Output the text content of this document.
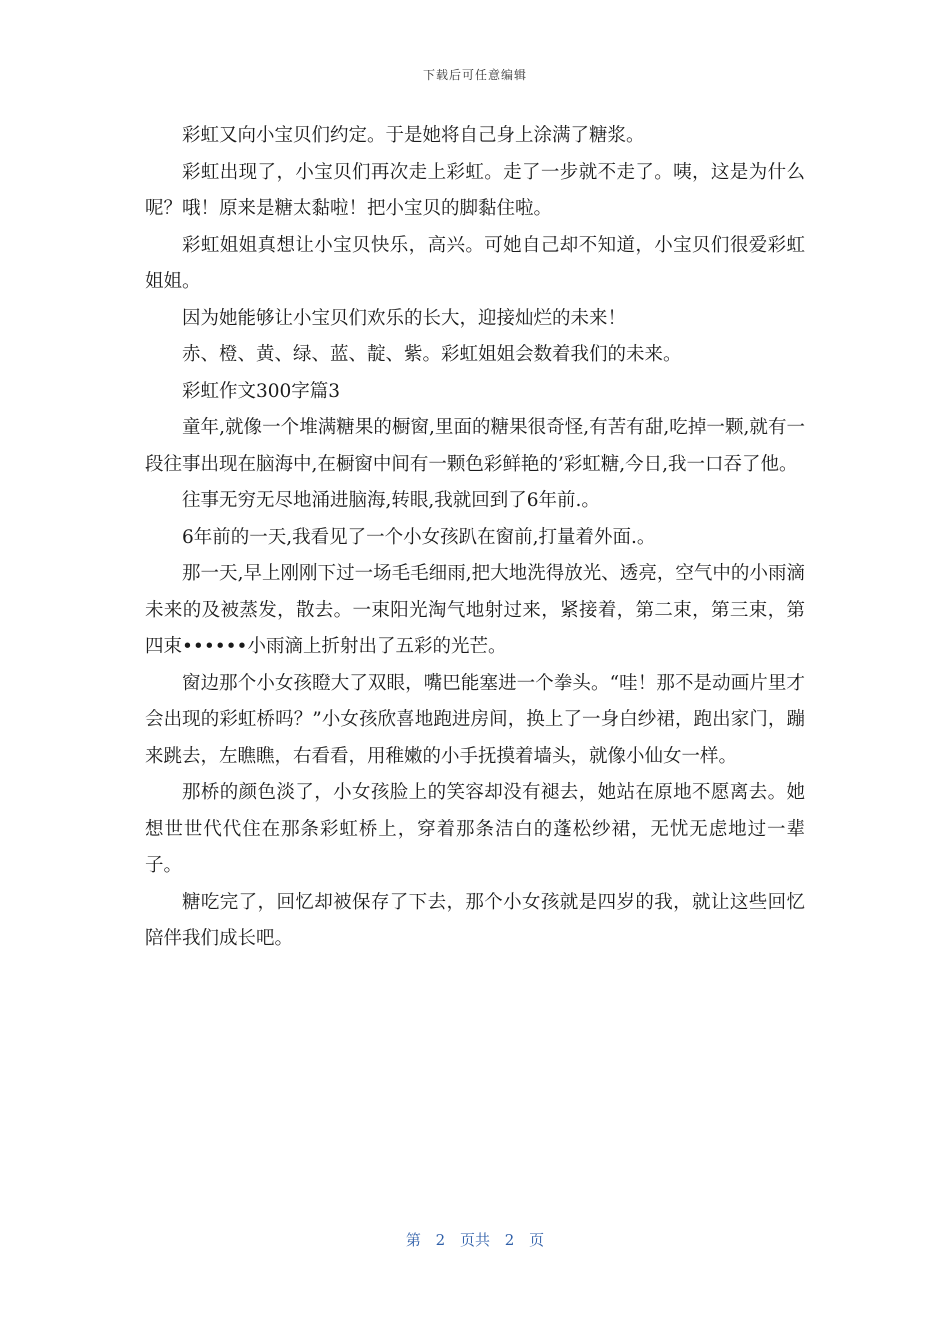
下载后可任意编辑

彩虹又向小宝贝们约定。于是她将自己身上涂满了糖浆。

彩虹出现了，小宝贝们再次走上彩虹。走了一步就不走了。咦，这是为什么呢？哦！原来是糖太黏啦！把小宝贝的脚黏住啦。

彩虹姐姐真想让小宝贝快乐，高兴。可她自己却不知道，小宝贝们很爱彩虹姐姐。

因为她能够让小宝贝们欢乐的长大，迎接灿烂的未来！

赤、橙、黄、绿、蓝、靛、紫。彩虹姐姐会数着我们的未来。

彩虹作文300字篇3

童年,就像一个堆满糖果的橱窗,里面的糖果很奇怪,有苦有甜,吃掉一颗,就有一段往事出现在脑海中,在橱窗中间有一颗色彩鲜艳的’彩虹糖,今日,我一口吞了他。

往事无穷无尽地涌进脑海,转眼,我就回到了6年前.。

6年前的一天,我看见了一个小女孩趴在窗前,打量着外面.。

那一天,早上刚刚下过一场毛毛细雨,把大地洗得放光、透亮，空气中的小雨滴未来的及被蒸发，散去。一束阳光淘气地射过来，紧接着，第二束，第三束，第四束••••••小雨滴上折射出了五彩的光芒。

窗边那个小女孩瞪大了双眼，嘴巴能塞进一个拳头。“哇！那不是动画片里才会出现的彩虹桥吗？”小女孩欣喜地跑进房间，换上了一身白纱裙，跑出家门，蹦来跳去，左瞧瞧，右看看，用稚嫩的小手抚摸着墙头，就像小仙女一样。

那桥的颜色淡了，小女孩脸上的笑容却没有褪去，她站在原地不愿离去。她想世世代代住在那条彩虹桥上，穿着那条洁白的蓬松纱裙，无忧无虑地过一辈子。

糖吃完了，回忆却被保存了下去，那个小女孩就是四岁的我，就让这些回忆陪伴我们成长吧。

第 2 页共 2 页
